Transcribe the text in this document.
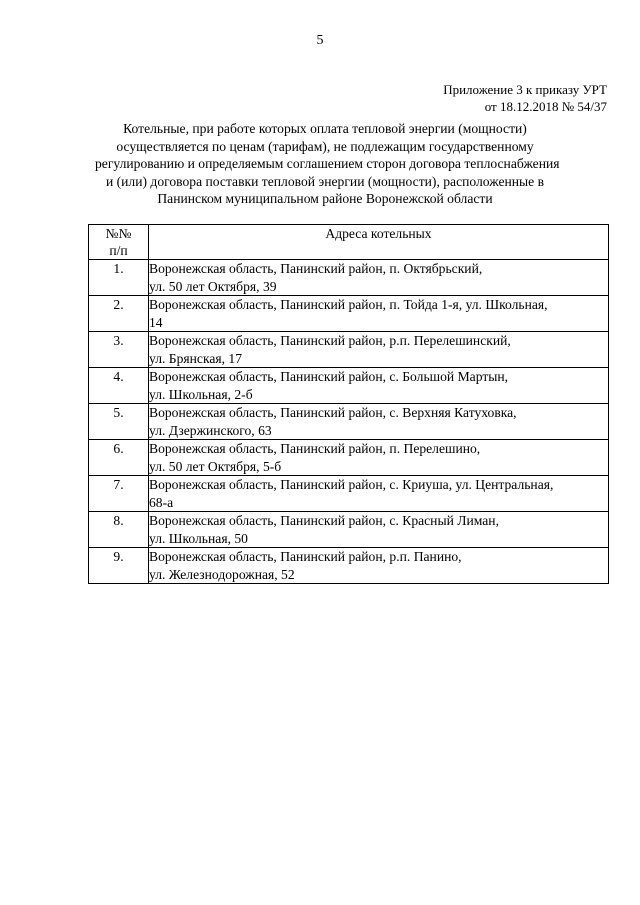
5
Приложение 3 к приказу УРТ
от 18.12.2018 № 54/37
Котельные, при работе которых оплата тепловой энергии (мощности)
осуществляется по ценам (тарифам), не подлежащим государственному
регулированию и определяемым соглашением сторон договора теплоснабжения
и (или) договора поставки тепловой энергии (мощности), расположенные в
Панинском муниципальном районе Воронежской области
№№
п/п	Адреса котельных
1.	Воронежская область, Панинский район, п. Октябрьский,
ул. 50 лет Октября, 39

2.	Воронежская область, Панинский район, п. Тойда 1-я, ул. Школьная,
14

3.	Воронежская область, Панинский район, р.п. Перелешинский,
ул. Брянская, 17

4.	Воронежская область, Панинский район, с. Большой Мартын,
ул. Школьная, 2-б

5.	Воронежская область, Панинский район, с. Верхняя Катуховка,
ул. Дзержинского, 63

6.	Воронежская область, Панинский район, п. Перелешино,
ул. 50 лет Октября, 5-б

7.	Воронежская область, Панинский район, с. Криуша, ул. Центральная,
68-а

8.	Воронежская область, Панинский район, с. Красный Лиман,
ул. Школьная, 50

9.	Воронежская область, Панинский район, р.п. Панино,
ул. Железнодорожная, 52
